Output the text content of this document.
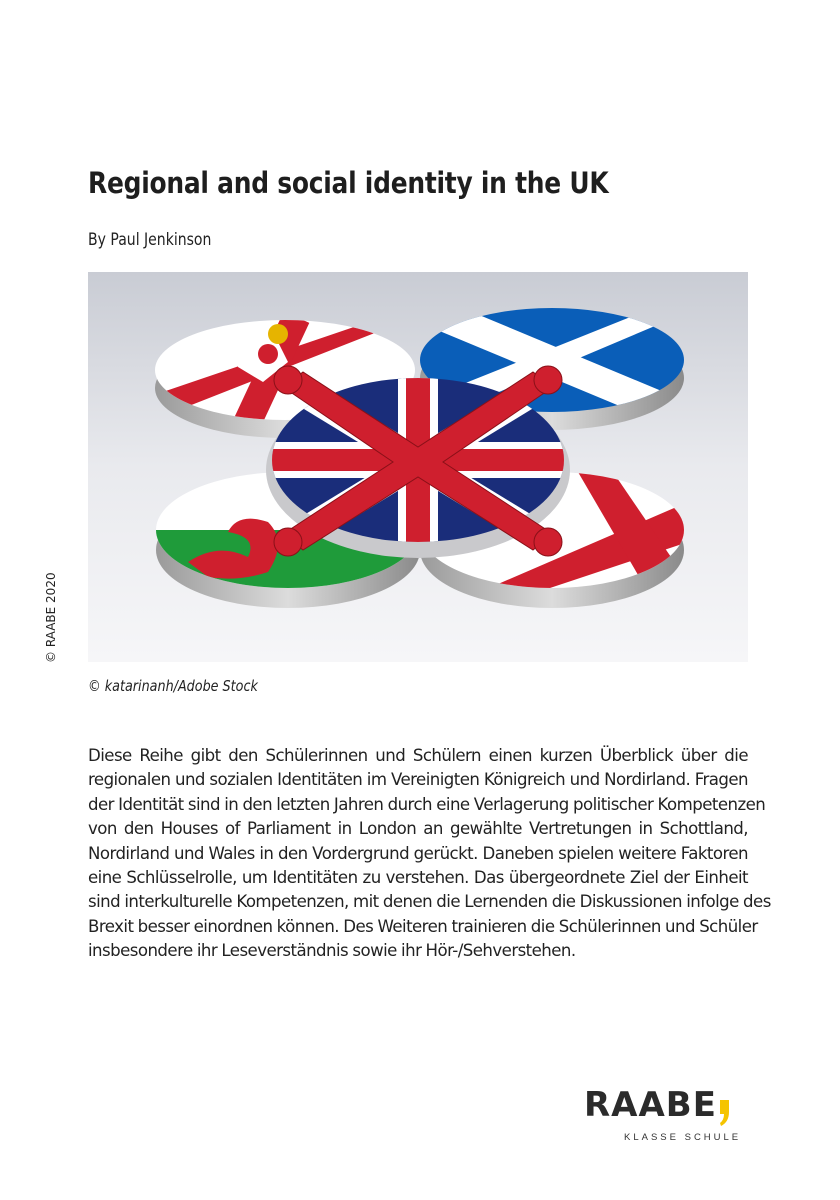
Regional and social identity in the UK
By Paul Jenkinson
© katarinanh/Adobe Stock
© RAABE 2020
Diese Reihe gibt den Schülerinnen und Schülern einen kurzen Überblick über die
regionalen und sozialen Identitäten im Vereinigten Königreich und Nordirland. Fragen
der Identität sind in den letzten Jahren durch eine Verlagerung politischer Kompetenzen
von den Houses of Parliament in London an gewählte Vertretungen in Schottland,
Nordirland und Wales in den Vordergrund gerückt. Daneben spielen weitere Faktoren
eine Schlüsselrolle, um Identitäten zu verstehen. Das übergeordnete Ziel der Einheit
sind interkulturelle Kompetenzen, mit denen die Lernenden die Diskussionen infolge des
Brexit besser einordnen können. Des Weiteren trainieren die Schülerinnen und Schüler
insbesondere ihr Leseverständnis sowie ihr Hör-/Sehverstehen.
RAABE
KLASSE SCHULE
